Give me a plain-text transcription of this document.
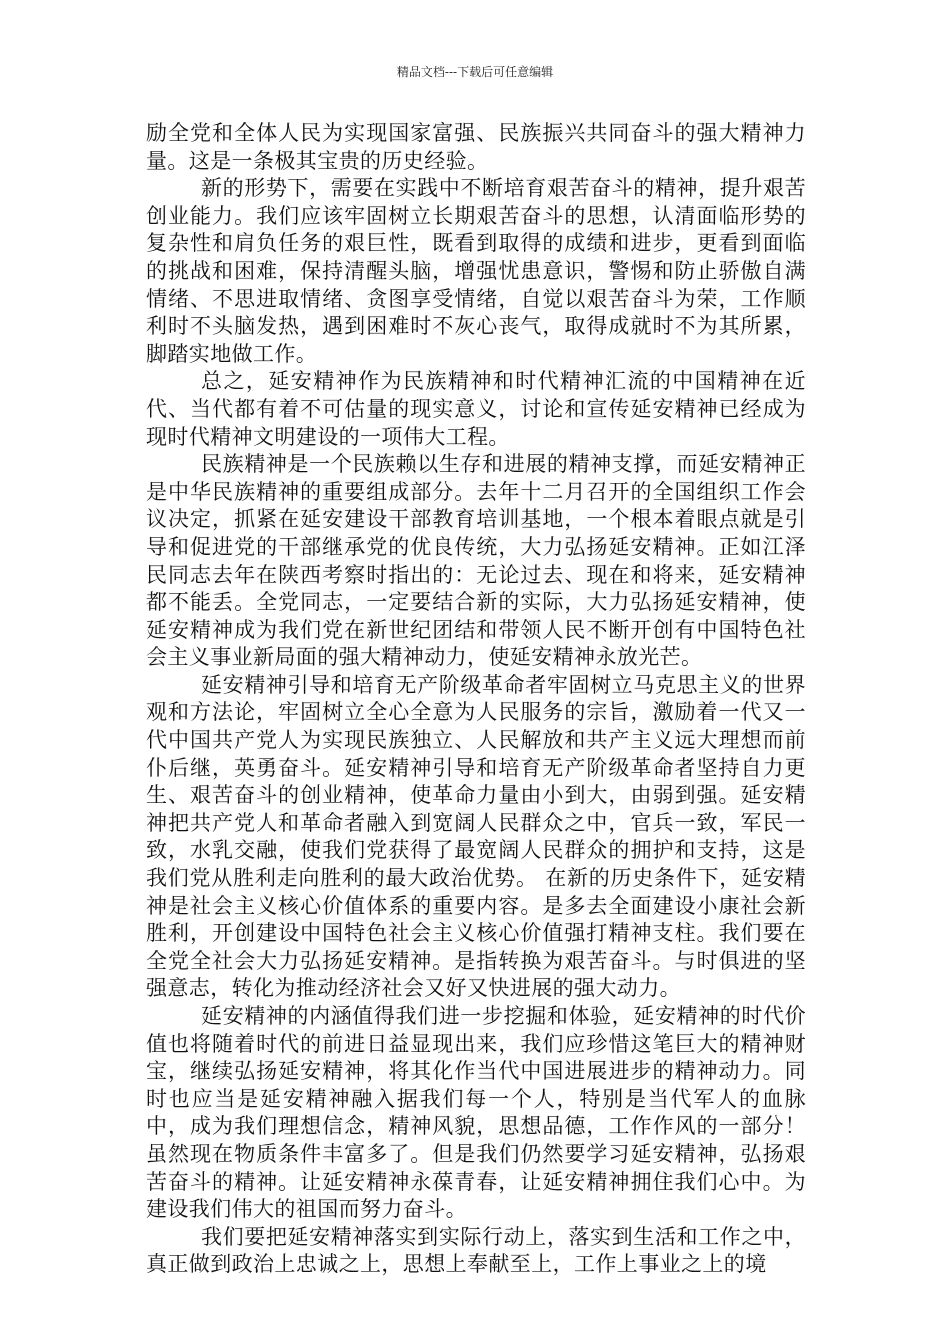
精品文档---下载后可任意编辑

励全党和全体人民为实现国家富强、民族振兴共同奋斗的强大精神力量。这是一条极其宝贵的历史经验。

新的形势下，需要在实践中不断培育艰苦奋斗的精神，提升艰苦创业能力。我们应该牢固树立长期艰苦奋斗的思想，认清面临形势的复杂性和肩负任务的艰巨性，既看到取得的成绩和进步，更看到面临的挑战和困难，保持清醒头脑，增强忧患意识，警惕和防止骄傲自满情绪、不思进取情绪、贪图享受情绪，自觉以艰苦奋斗为荣，工作顺利时不头脑发热，遇到困难时不灰心丧气，取得成就时不为其所累，脚踏实地做工作。

总之，延安精神作为民族精神和时代精神汇流的中国精神在近代、当代都有着不可估量的现实意义，讨论和宣传延安精神已经成为现时代精神文明建设的一项伟大工程。

民族精神是一个民族赖以生存和进展的精神支撑，而延安精神正是中华民族精神的重要组成部分。去年十二月召开的全国组织工作会议决定，抓紧在延安建设干部教育培训基地，一个根本着眼点就是引导和促进党的干部继承党的优良传统，大力弘扬延安精神。正如江泽民同志去年在陕西考察时指出的：无论过去、现在和将来，延安精神都不能丢。全党同志，一定要结合新的实际，大力弘扬延安精神，使延安精神成为我们党在新世纪团结和带领人民不断开创有中国特色社会主义事业新局面的强大精神动力，使延安精神永放光芒。

延安精神引导和培育无产阶级革命者牢固树立马克思主义的世界观和方法论，牢固树立全心全意为人民服务的宗旨，激励着一代又一代中国共产党人为实现民族独立、人民解放和共产主义远大理想而前仆后继，英勇奋斗。延安精神引导和培育无产阶级革命者坚持自力更生、艰苦奋斗的创业精神，使革命力量由小到大，由弱到强。延安精神把共产党人和革命者融入到宽阔人民群众之中，官兵一致，军民一致，水乳交融，使我们党获得了最宽阔人民群众的拥护和支持，这是我们党从胜利走向胜利的最大政治优势。 在新的历史条件下，延安精神是社会主义核心价值体系的重要内容。是多去全面建设小康社会新胜利，开创建设中国特色社会主义核心价值强打精神支柱。我们要在全党全社会大力弘扬延安精神。是指转换为艰苦奋斗。与时俱进的坚强意志，转化为推动经济社会又好又快进展的强大动力。

延安精神的内涵值得我们进一步挖掘和体验，延安精神的时代价值也将随着时代的前进日益显现出来，我们应珍惜这笔巨大的精神财宝，继续弘扬延安精神，将其化作当代中国进展进步的精神动力。同时也应当是延安精神融入据我们每一个人，特别是当代军人的血脉中，成为我们理想信念，精神风貌，思想品德，工作作风的一部分！虽然现在物质条件丰富多了。但是我们仍然要学习延安精神，弘扬艰苦奋斗的精神。让延安精神永葆青春，让延安精神拥住我们心中。为建设我们伟大的祖国而努力奋斗。

我们要把延安精神落实到实际行动上，落实到生活和工作之中，真正做到政治上忠诚之上，思想上奉献至上，工作上事业之上的境
